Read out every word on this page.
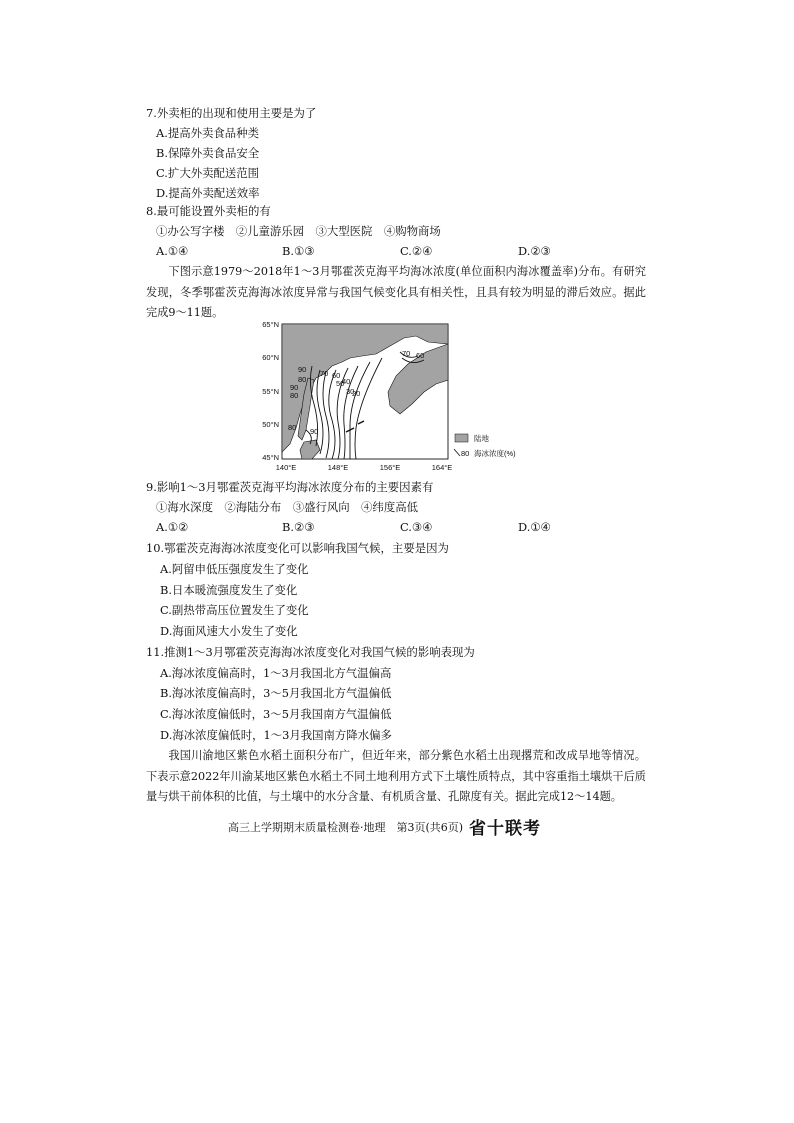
7.外卖柜的出现和使用主要是为了
A.提高外卖食品种类
B.保障外卖食品安全
C.扩大外卖配送范围
D.提高外卖配送效率
8.最可能设置外卖柜的有
①办公写字楼　②儿童游乐园　③大型医院　④购物商场
A.①④	B.①③	C.②④	D.②③
下图示意1979～2018年1～3月鄂霍茨克海平均海冰浓度(单位面积内海冰覆盖率)分布。有研究发现，冬季鄂霍茨克海海冰浓度异常与我国气候变化具有相关性，且具有较为明显的滞后效应。据此完成9～11题。
90
80
70 60
50
40
30
20
90
80
70 60
80 90
65°N
60°N
55°N
50°N
45°N
140°E	148°E	156°E	164°E
陆地
80 海冰浓度(%)
9.影响1～3月鄂霍茨克海平均海冰浓度分布的主要因素有
①海水深度　②海陆分布　③盛行风向　④纬度高低
A.①②	B.②③	C.③④	D.①④
10.鄂霍茨克海海冰浓度变化可以影响我国气候，主要是因为
A.阿留申低压强度发生了变化
B.日本暖流强度发生了变化
C.副热带高压位置发生了变化
D.海面风速大小发生了变化
11.推测1～3月鄂霍茨克海海冰浓度变化对我国气候的影响表现为
A.海冰浓度偏高时，1～3月我国北方气温偏高
B.海冰浓度偏高时，3～5月我国北方气温偏低
C.海冰浓度偏低时，3～5月我国南方气温偏低
D.海冰浓度偏低时，1～3月我国南方降水偏多
我国川渝地区紫色水稻土面积分布广，但近年来，部分紫色水稻土出现撂荒和改成旱地等情况。下表示意2022年川渝某地区紫色水稻土不同土地利用方式下土壤性质特点，其中容重指土壤烘干后质量与烘干前体积的比值，与土壤中的水分含量、有机质含量、孔隙度有关。据此完成12～14题。
高三上学期期末质量检测卷·地理　第3页(共6页) 省十联考
